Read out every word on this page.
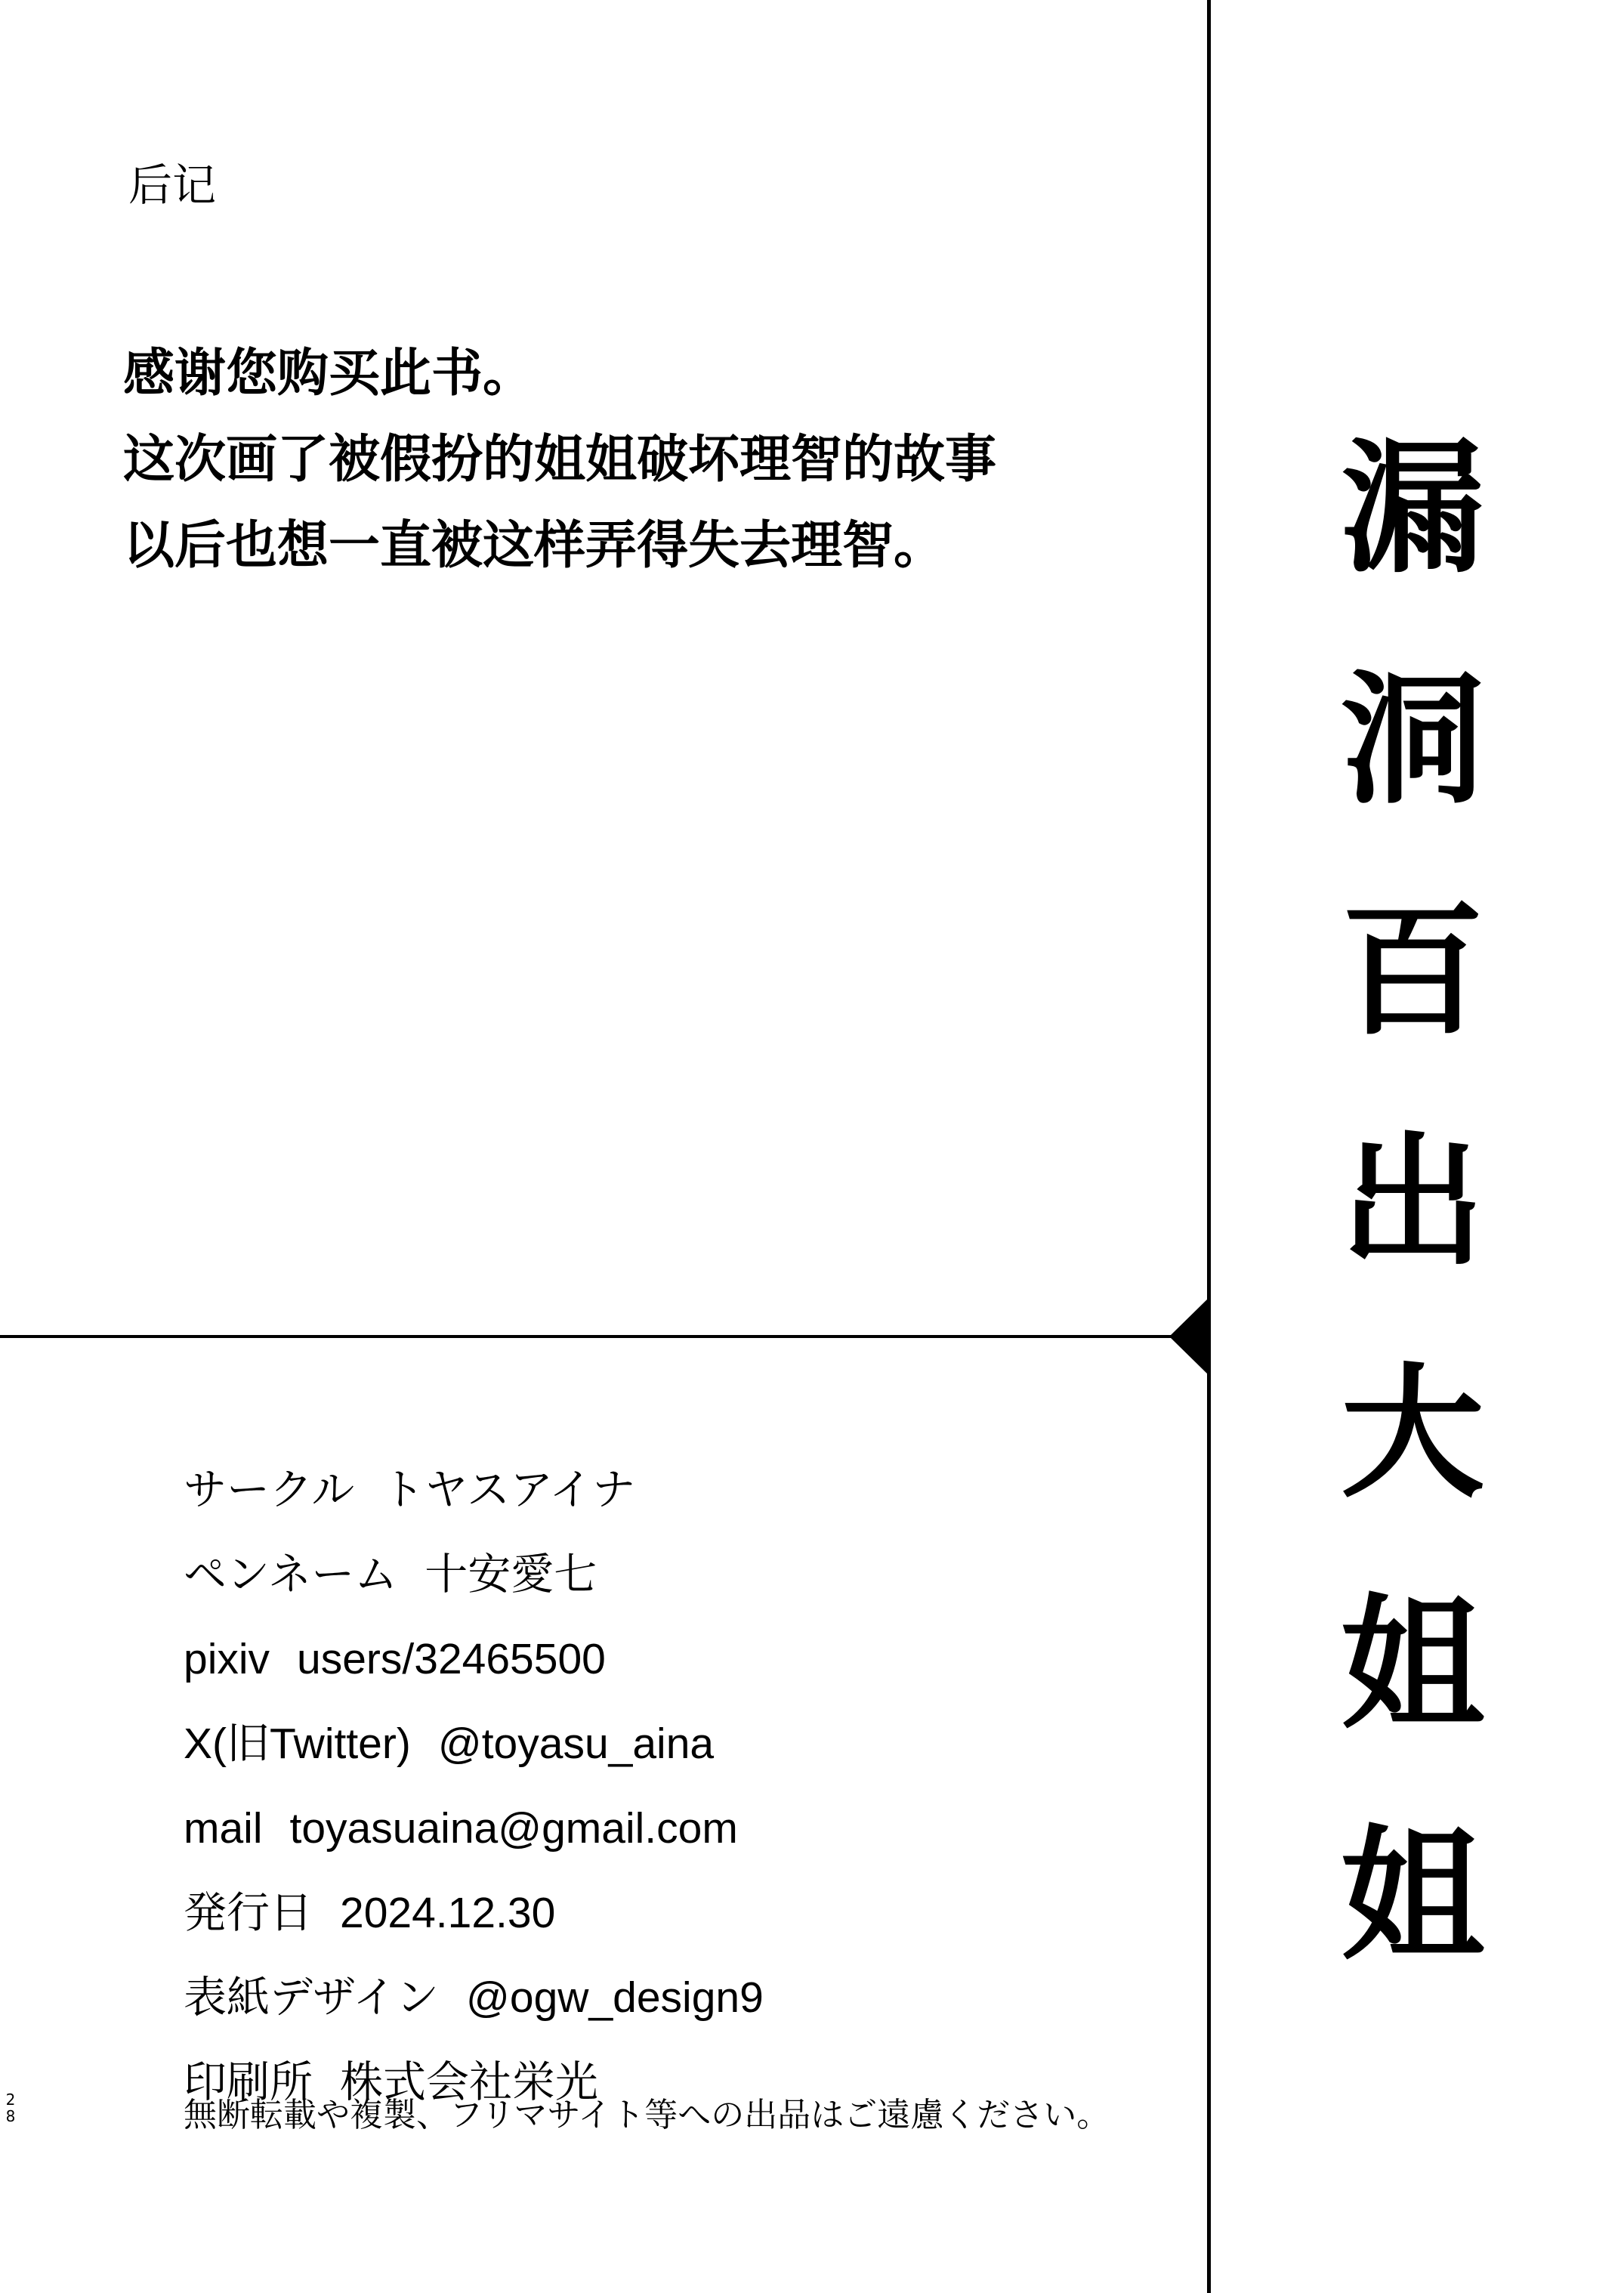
后记
感谢您购买此书。
这次画了被假扮的姐姐破坏理智的故事
以后也想一直被这样弄得失去理智。	漏
洞
百
出
大
姐
姐
サークル トヤスアイナ
ペンネーム 十安愛七
pixiv users/32465500
X(旧Twitter) @toyasu_aina
mail toyasuaina@gmail.com
発行日 2024.12.30
表紙デザイン @ogw_design9
印刷所 株式会社栄光
無断転載や複製、フリマサイト等への出品はご遠慮ください。
28
